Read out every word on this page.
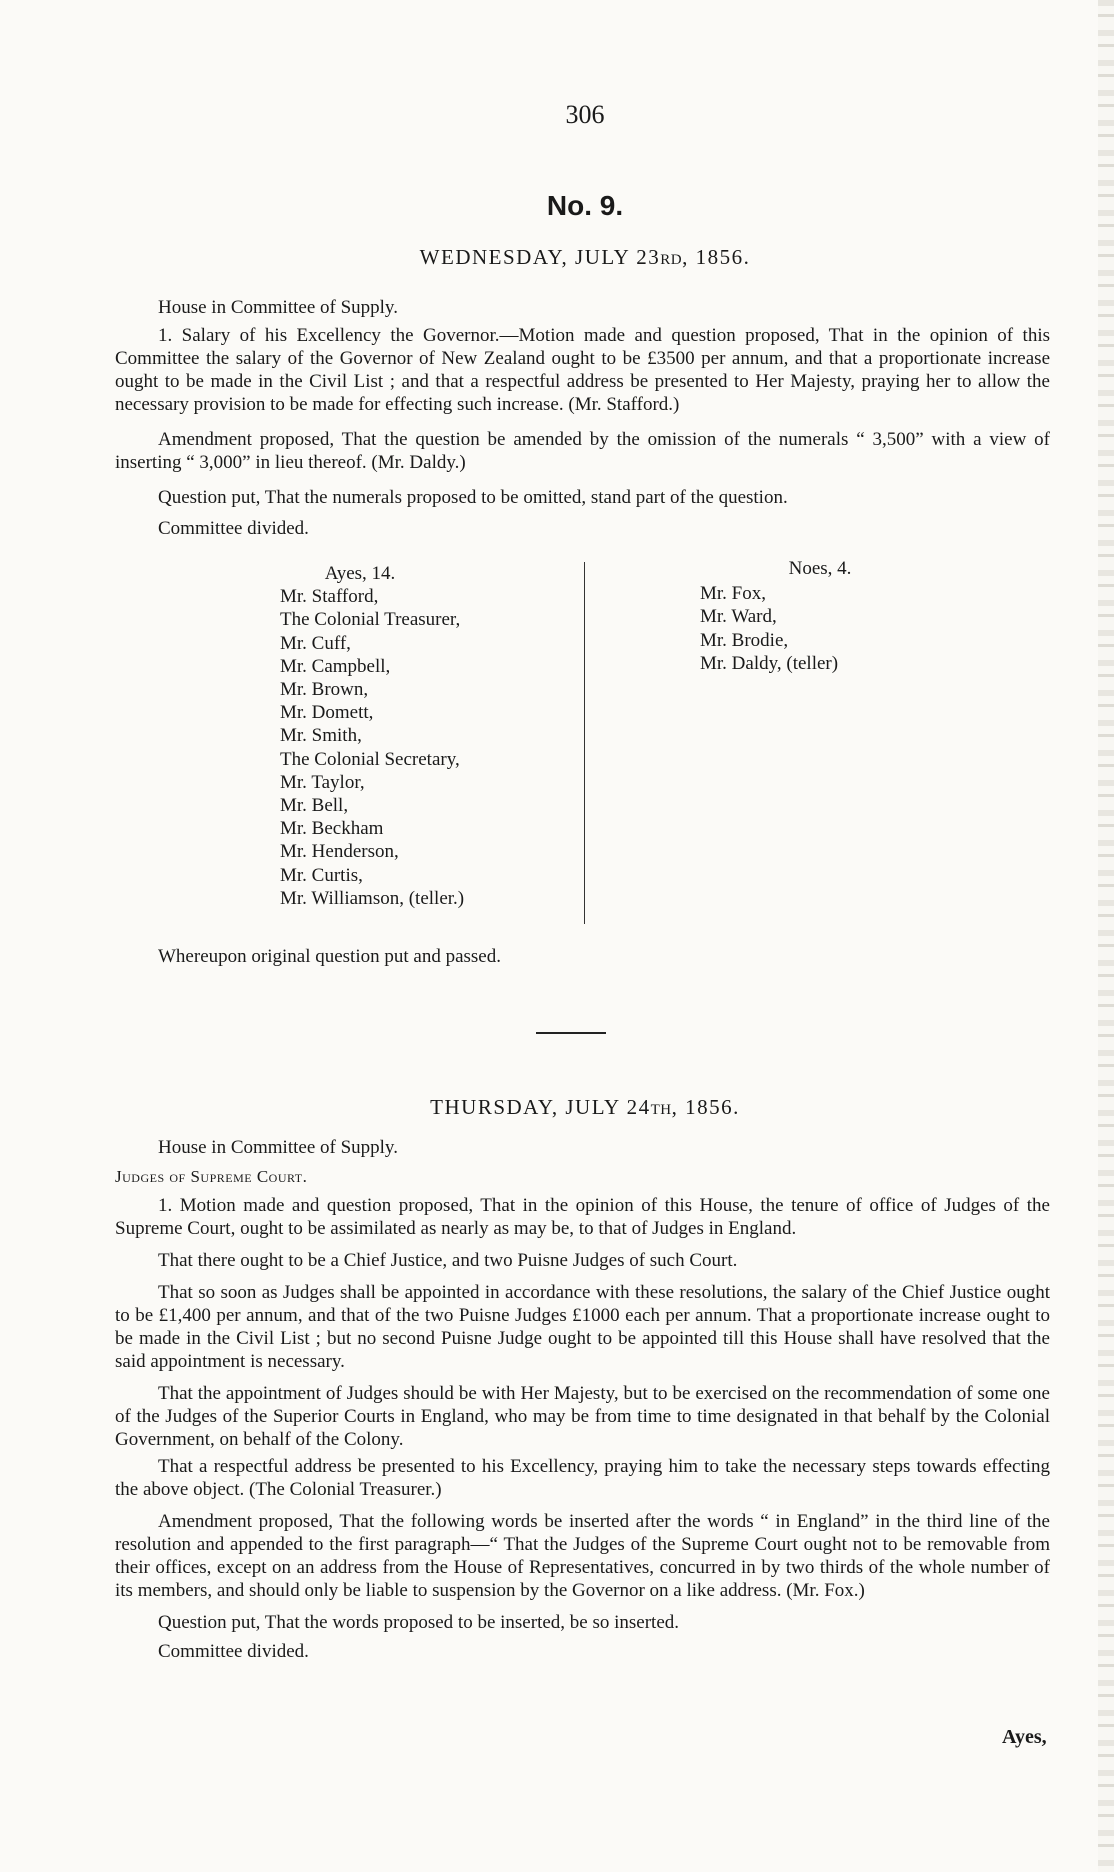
306
No. 9.
WEDNESDAY, JULY 23RD, 1856.

House in Committee of Supply.

1. Salary of his Excellency the Governor.—Motion made and question proposed, That in the opinion of this Committee the salary of the Governor of New Zealand ought to be £3500 per annum, and that a proportionate increase ought to be made in the Civil List ; and that a respectful address be presented to Her Majesty, praying her to allow the necessary provision to be made for effecting such increase. (Mr. Stafford.)

Amendment proposed, That the question be amended by the omission of the numerals “ 3,500” with a view of inserting “ 3,000” in lieu thereof. (Mr. Daldy.)

Question put, That the numerals proposed to be omitted, stand part of the question.

Committee divided.

Ayes, 14.
Mr. Stafford,
The Colonial Treasurer,
Mr. Cuff,
Mr. Campbell,
Mr. Brown,
Mr. Domett,
Mr. Smith,
The Colonial Secretary,
Mr. Taylor,
Mr. Bell,
Mr. Beckham
Mr. Henderson,
Mr. Curtis,
Mr. Williamson, (teller.)
Noes, 4.
Mr. Fox,
Mr. Ward,
Mr. Brodie,
Mr. Daldy, (teller)

Whereupon original question put and passed.

THURSDAY, JULY 24TH, 1856.

House in Committee of Supply.

Judges of Supreme Court.

1. Motion made and question proposed, That in the opinion of this House, the tenure of office of Judges of the Supreme Court, ought to be assimilated as nearly as may be, to that of Judges in England.

That there ought to be a Chief Justice, and two Puisne Judges of such Court.

That so soon as Judges shall be appointed in accordance with these resolutions, the salary of the Chief Justice ought to be £1,400 per annum, and that of the two Puisne Judges £1000 each per annum. That a proportionate increase ought to be made in the Civil List ; but no second Puisne Judge ought to be appointed till this House shall have resolved that the said appointment is necessary.

That the appointment of Judges should be with Her Majesty, but to be exercised on the recommendation of some one of the Judges of the Superior Courts in England, who may be from time to time designated in that behalf by the Colonial Government, on behalf of the Colony.

That a respectful address be presented to his Excellency, praying him to take the necessary steps towards effecting the above object. (The Colonial Treasurer.)

Amendment proposed, That the following words be inserted after the words “ in England” in the third line of the resolution and appended to the first paragraph—“ That the Judges of the Supreme Court ought not to be removable from their offices, except on an address from the House of Representatives, concurred in by two thirds of the whole number of its members, and should only be liable to suspension by the Governor on a like address. (Mr. Fox.)

Question put, That the words proposed to be inserted, be so inserted.

Committee divided.

Ayes,
